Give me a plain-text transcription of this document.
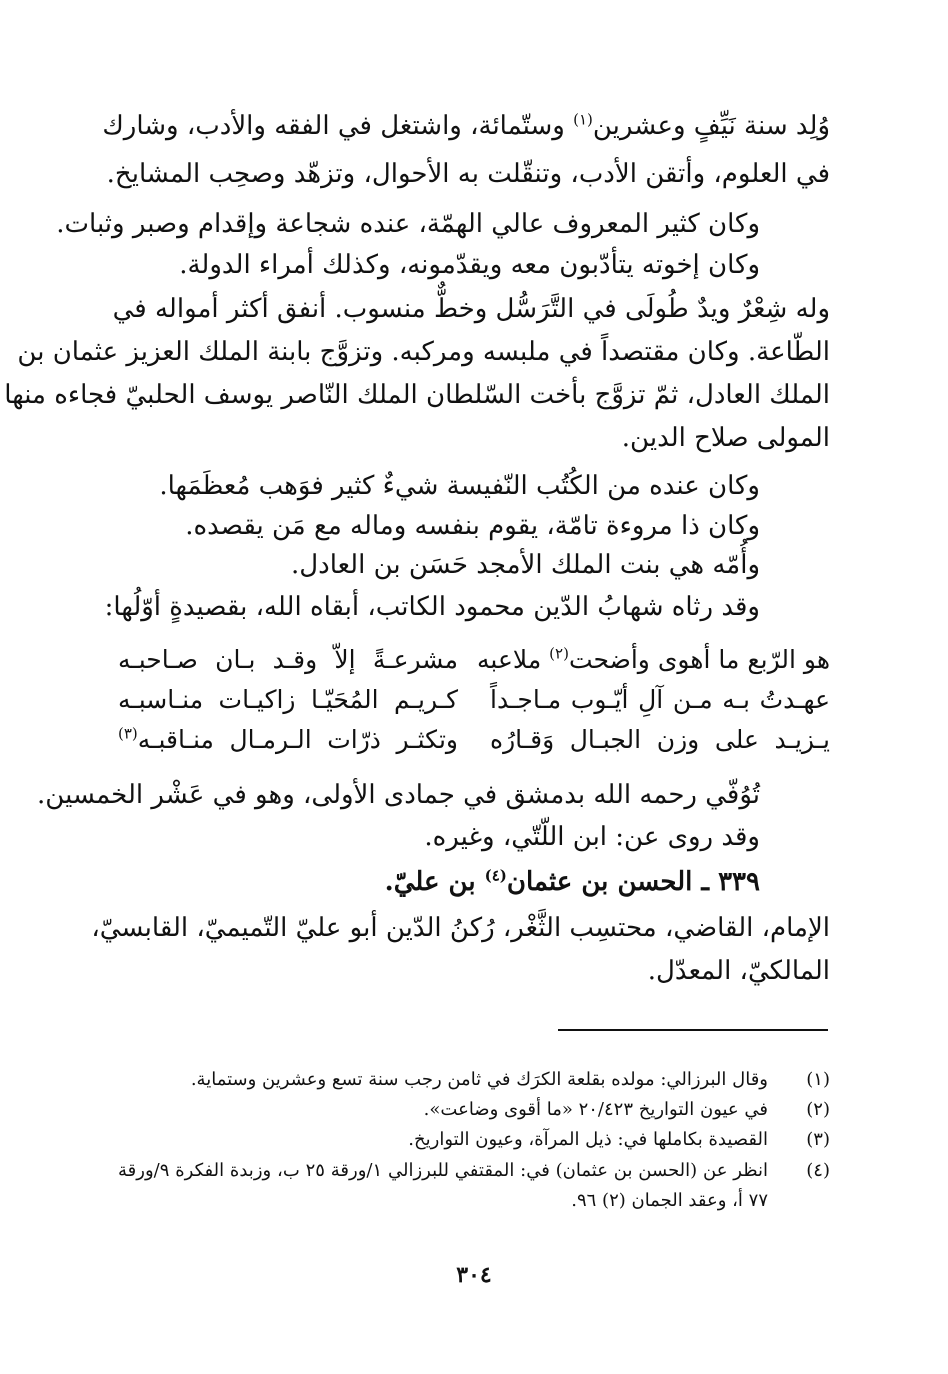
وُلِد سنة نَيِّفٍ وعشرين$^{(١)}$ وستّمائة، واشتغل في الفقه والأدب، وشارك
في العلوم، وأتقن الأدب، وتنقّلت به الأحوال، وتزهّد وصحِب المشايخ.
وكان كثير المعروف عالي الهمّة، عنده شجاعة وإقدام وصبر وثبات.
وكان إخوته يتأدّبون معه ويقدّمونه، وكذلك أمراء الدولة.
وله شِعْرٌ ويدٌ طُولَى في التَّرَسُّل وخطٌّ منسوب. أنفق أكثر أمواله في
الطّاعة. وكان مقتصداً في ملبسه ومركبه. وتزوَّج بابنة الملك العزيز عثمان بن
الملك العادل، ثمّ تزوَّج بأخت السّلطان الملك النّاصر يوسف الحلبيّ فجاءه منها
المولى صلاح الدين.
وكان عنده من الكُتُب النّفيسة شيءٌ كثير فوَهب مُعظَمَها.
وكان ذا مروءة تامّة، يقوم بنفسه وماله مع مَن يقصده.
وأُمّه هي بنت الملك الأمجد حَسَن بن العادل.
وقد رثاه شهابُ الدّين محمود الكاتب، أبقاه الله، بقصيدةٍ أوّلُها:
هو الرّبع ما أهوى وأضحت$^{(٢)}$ ملاعبه
مشرعـةً إلاّ وقـد بـان صـاحبـه
عهـدتُ بـه مـن آلِ أيّـوب مـاجـداً
كـريـم المُحَيّـا زاكيـات منـاسبـه
يـزيـد على وزن الجبـال وَقـارُه
وتكثـر ذرّات الـرمـال منـاقبـه$^{(٣)}$
تُوُفّي رحمه الله بدمشق في جمادى الأولى، وهو في عَشْر الخمسين.
وقد روى عن: ابن اللّتّي، وغيره.
٣٣٩ ـ الحسن بن عثمان$^{(٤)}$ بن عليّ.
الإمام، القاضي، محتسِب الثَّغْر، رُكنُ الدّين أبو عليّ التّميميّ، القابسيّ،
المالكيّ، المعدّل.
(١)
وقال البرزالي: مولده بقلعة الكرَك في ثامن رجب سنة تسع وعشرين وستماية.
(٢)
في عيون التواريخ ٢٠/٤٢٣ «ما أقوى وضاعت».
(٣)
القصيدة بكاملها في: ذيل المرآة، وعيون التواريخ.
(٤)
انظر عن (الحسن بن عثمان) في: المقتفي للبرزالي ١/ورقة ٢٥ ب، وزبدة الفكرة ٩/ورقة
٧٧ أ، وعقد الجمان (٢) ٩٦.
٣٠٤
